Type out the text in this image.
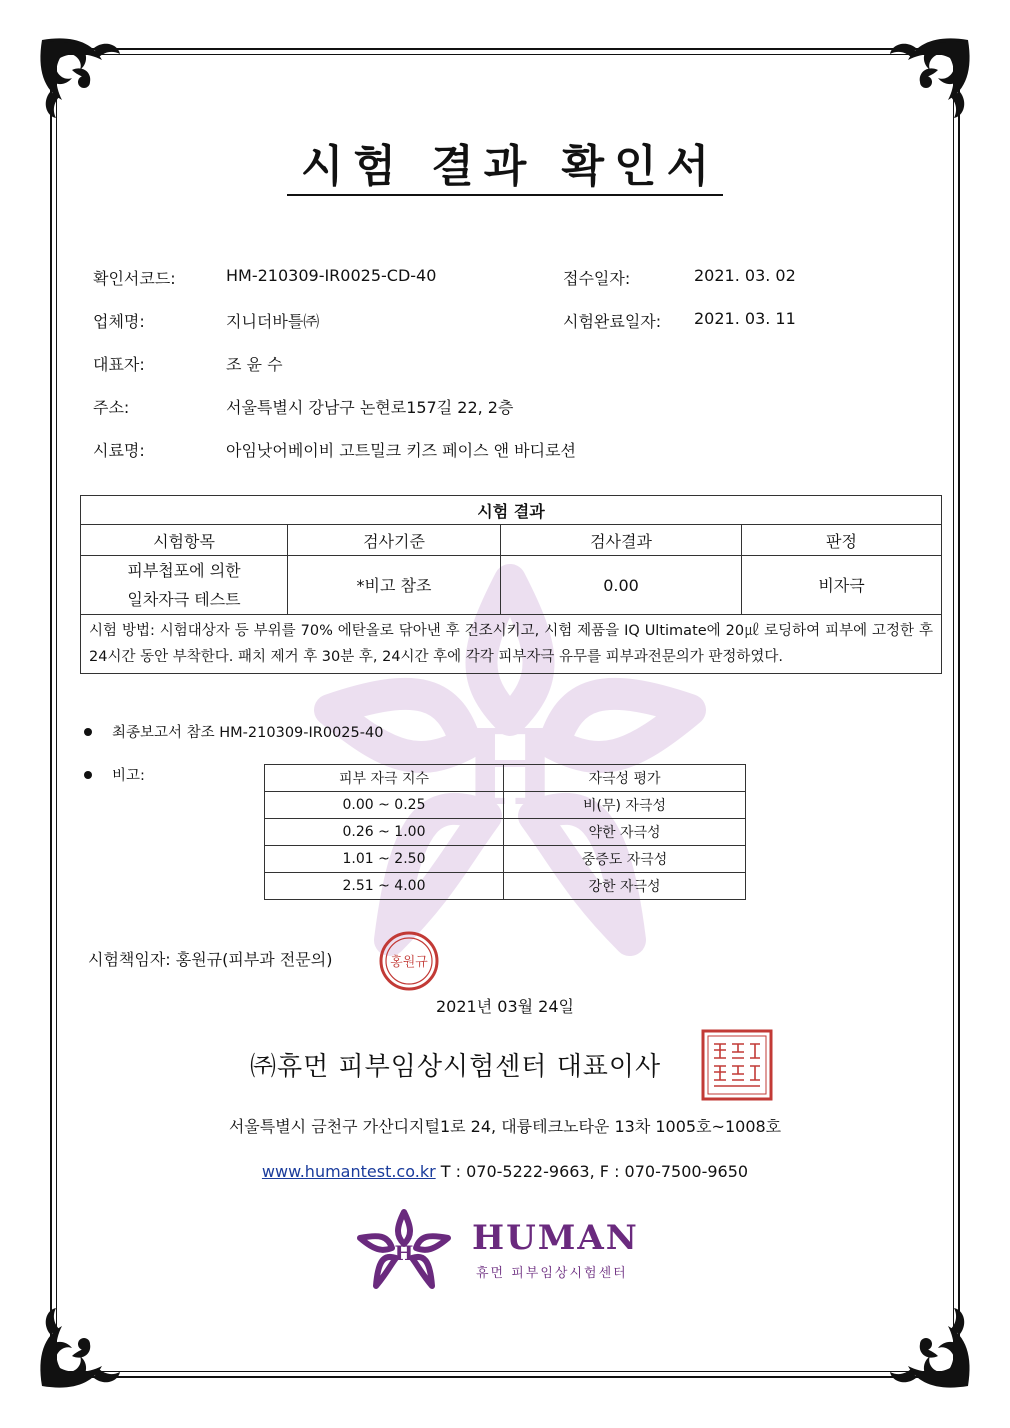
H
시험 결과 확인서
확인서코드:	HM-210309-IR0025-CD-40	접수일자:	2021. 03. 02
업체명:	지니더바틀㈜	시험완료일자: 2021. 03. 11
대표자:	조 윤 수
주소:	서울특별시 강남구 논현로157길 22, 2층
시료명:	아임낫어베이비 고트밀크 키즈 페이스 앤 바디로션
시험 결과			
시험항목	검사기준	검사결과	판정

피부첩포에 의한
일차자극 테스트	*비고 참조	0.00	비자극
시험 방법: 시험대상자 등 부위를 70% 에탄올로 닦아낸 후 건조시키고, 시험 제품을 IQ Ultimate에 20㎕ 로딩하여 피부에 고정한 후 24시간 동안 부착한다. 패치 제거 후 30분 후, 24시간 후에 각각 피부자극 유무를 피부과전문의가 판정하였다.			
최종보고서 참조 HM-210309-IR0025-40
비고:	피부 자극 지수	자극성 평가
0.00 ~ 0.25	비(무) 자극성
0.26 ~ 1.00	약한 자극성
1.01 ~ 2.50	중증도 자극성
2.51 ~ 4.00	강한 자극성
시험책임자: 홍원규(피부과 전문의)	홍원규
2021년 03월 24일
㈜휴먼 피부임상시험센터 대표이사
서울특별시 금천구 가산디지털1로 24, 대륭테크노타운 13차 1005호~1008호
www.humantest.co.kr T : 070-5222-9663, F : 070-7500-9650
H HUMAN
휴먼 피부임상시험센터
